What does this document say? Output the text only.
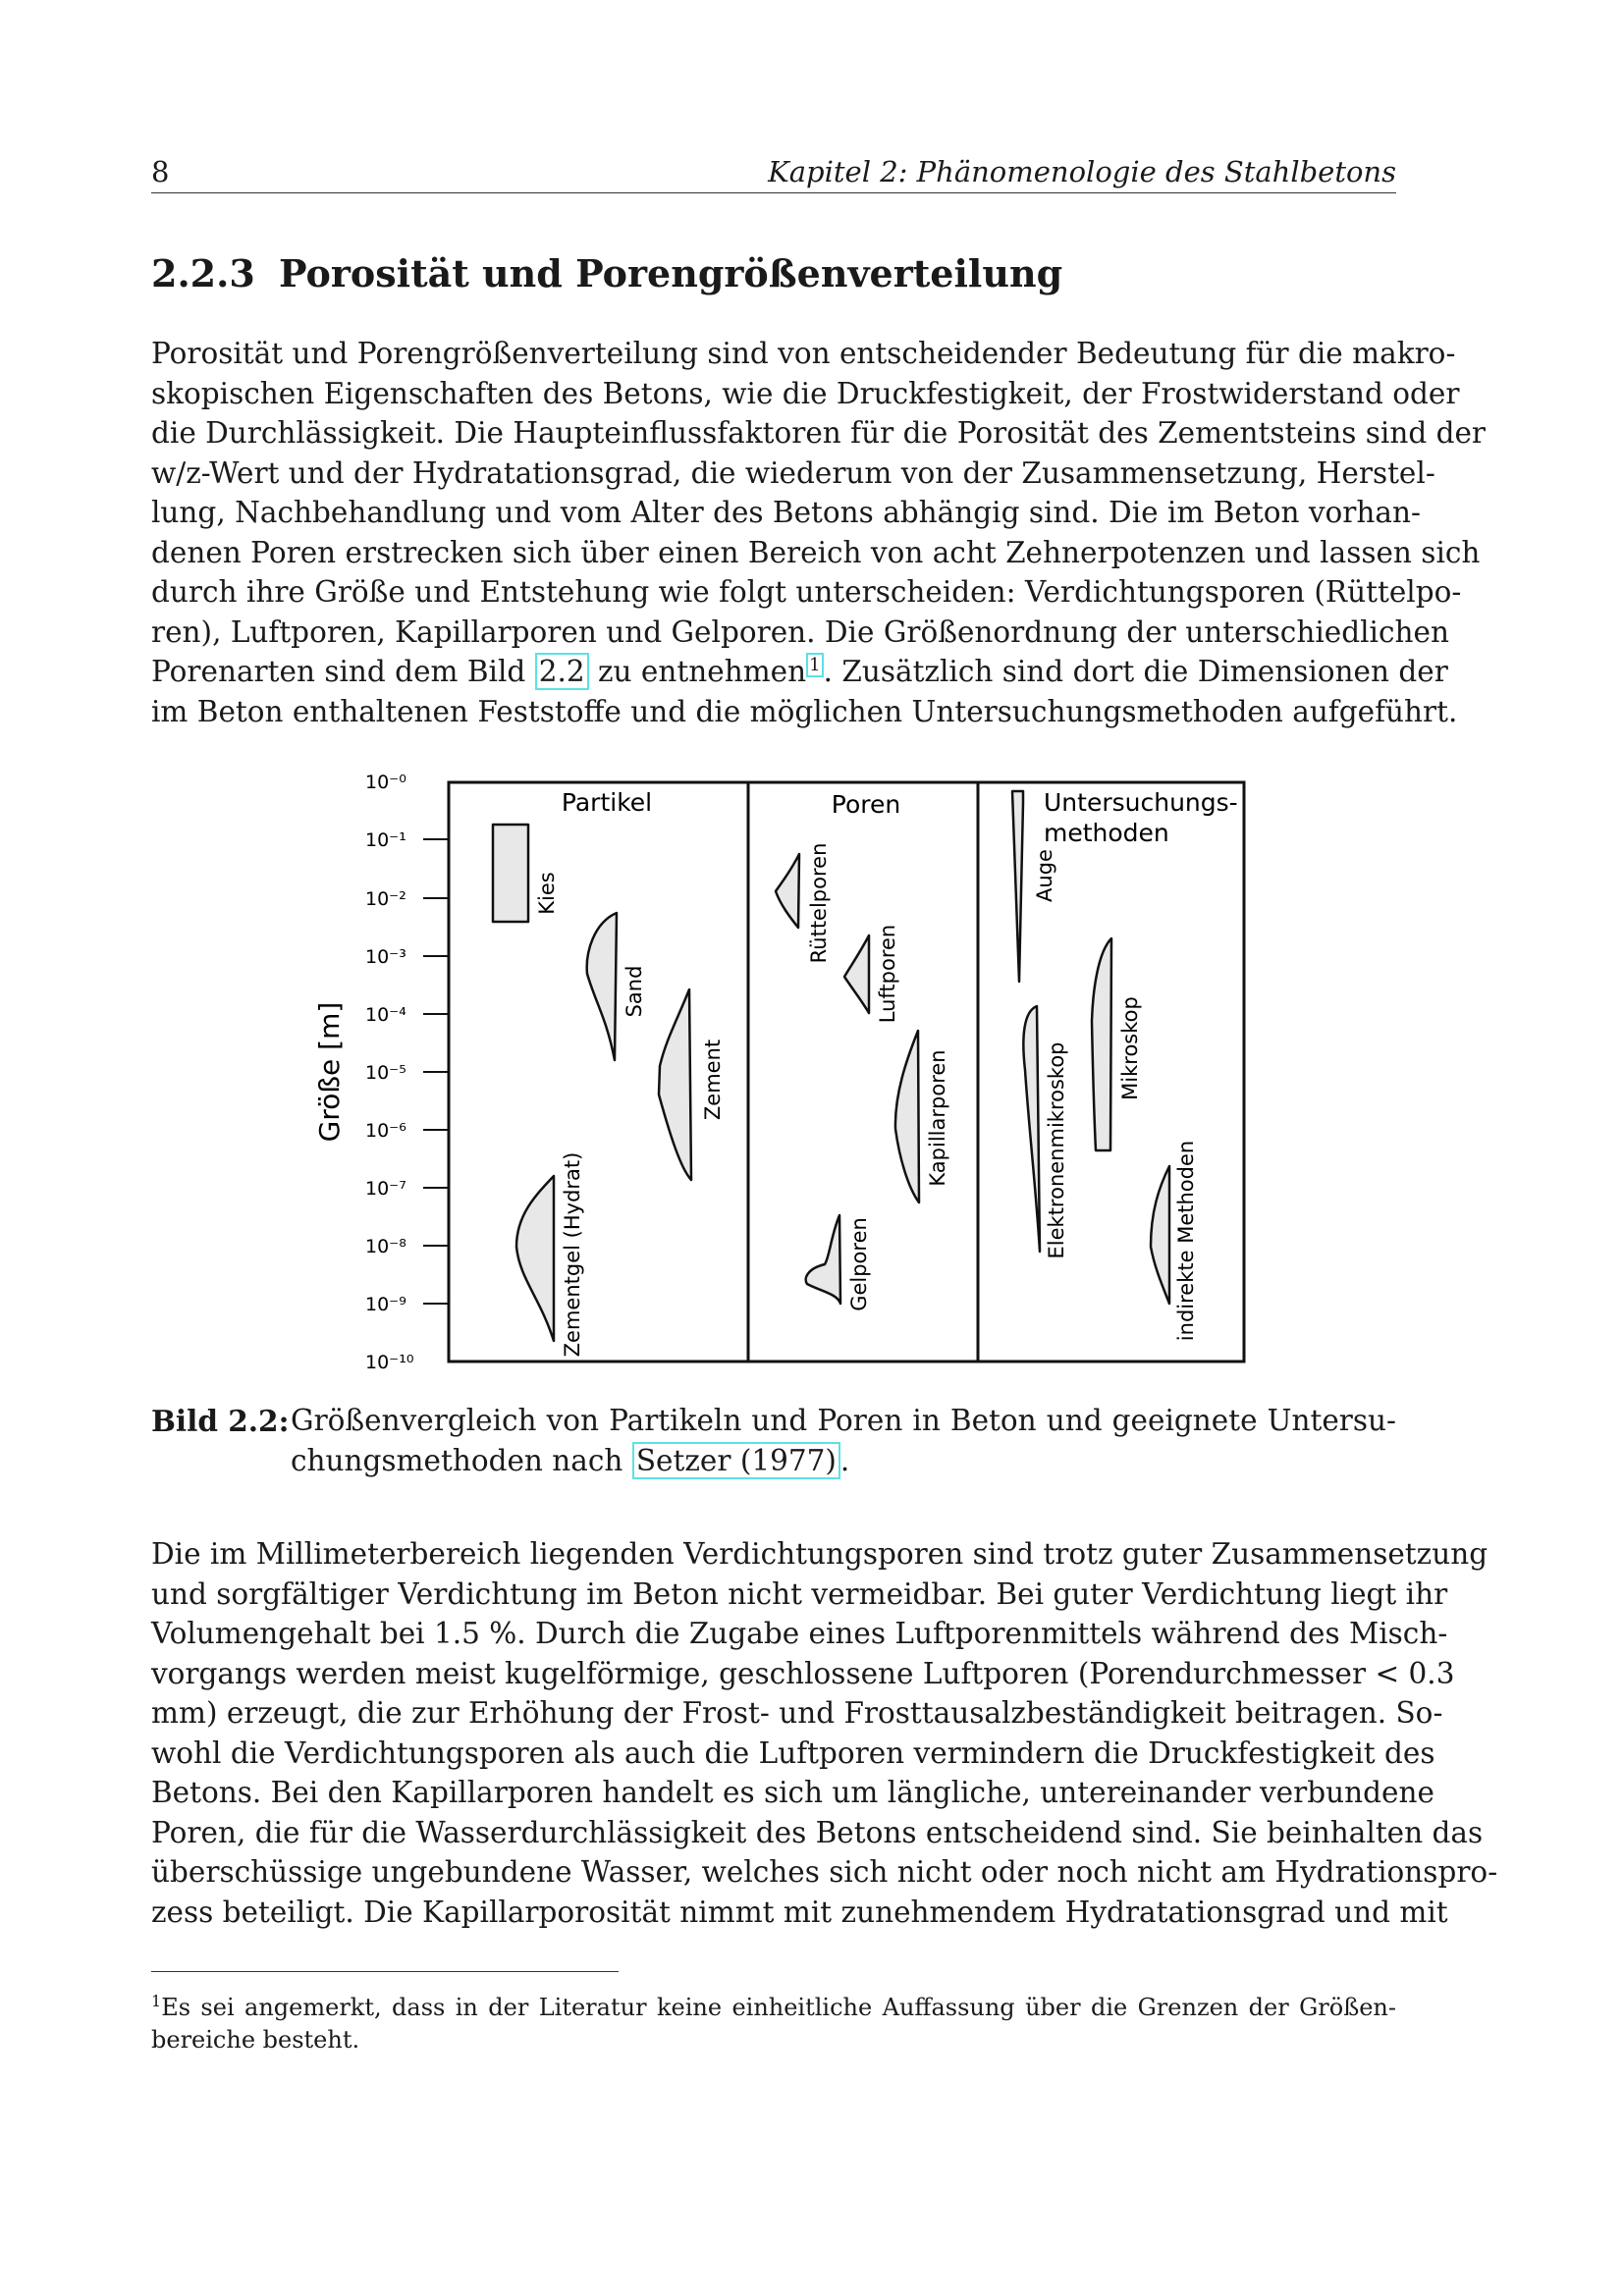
8	Kapitel 2: Phänomenologie des Stahlbetons
2.2.3 Porosität und Porengrößenverteilung
Porosität und Porengrößenverteilung sind von entscheidender Bedeutung für die makro-
skopischen Eigenschaften des Betons, wie die Druckfestigkeit, der Frostwiderstand oder
die Durchlässigkeit. Die Haupteinflussfaktoren für die Porosität des Zementsteins sind der
w/z-Wert und der Hydratationsgrad, die wiederum von der Zusammensetzung, Herstel-
lung, Nachbehandlung und vom Alter des Betons abhängig sind. Die im Beton vorhan-
denen Poren erstrecken sich über einen Bereich von acht Zehnerpotenzen und lassen sich
durch ihre Größe und Entstehung wie folgt unterscheiden: Verdichtungsporen (Rüttelpo-
ren), Luftporen, Kapillarporen und Gelporen. Die Größenordnung der unterschiedlichen
Porenarten sind dem Bild 2.2 zu entnehmen $^1$ . Zusätzlich sind dort die Dimensionen der
im Beton enthaltenen Feststoffe und die möglichen Untersuchungsmethoden aufgeführt.
Größe [m]
10⁻⁰
10⁻¹
10⁻²
10⁻³
10⁻⁴
10⁻⁵
10⁻⁶
10⁻⁷
10⁻⁸
10⁻⁹
10⁻¹⁰
Partikel	Poren	Untersuchungs-
methoden
Kies
Sand
Zement
Zementgel (Hydrat)
Rüttelporen
Luftporen
Kapillarporen
Gelporen
Auge
Mikroskop
Elektronenmikroskop	indirekte Methoden
Bild 2.2: Größenvergleich von Partikeln und Poren in Beton und geeignete Untersu-
chungsmethoden nach Setzer (1977) .
Die im Millimeterbereich liegenden Verdichtungsporen sind trotz guter Zusammensetzung
und sorgfältiger Verdichtung im Beton nicht vermeidbar. Bei guter Verdichtung liegt ihr
Volumengehalt bei 1.5 %. Durch die Zugabe eines Luftporenmittels während des Misch-
vorgangs werden meist kugelförmige, geschlossene Luftporen (Porendurchmesser < 0.3
mm) erzeugt, die zur Erhöhung der Frost- und Frosttausalzbeständigkeit beitragen. So-
wohl die Verdichtungsporen als auch die Luftporen vermindern die Druckfestigkeit des
Betons. Bei den Kapillarporen handelt es sich um längliche, untereinander verbundene
Poren, die für die Wasserdurchlässigkeit des Betons entscheidend sind. Sie beinhalten das
überschüssige ungebundene Wasser, welches sich nicht oder noch nicht am Hydrationspro-
zess beteiligt. Die Kapillarporosität nimmt mit zunehmendem Hydratationsgrad und mit
$^1$Es sei angemerkt, dass in der Literatur keine einheitliche Auffassung über die Grenzen der Größen-
bereiche besteht.
